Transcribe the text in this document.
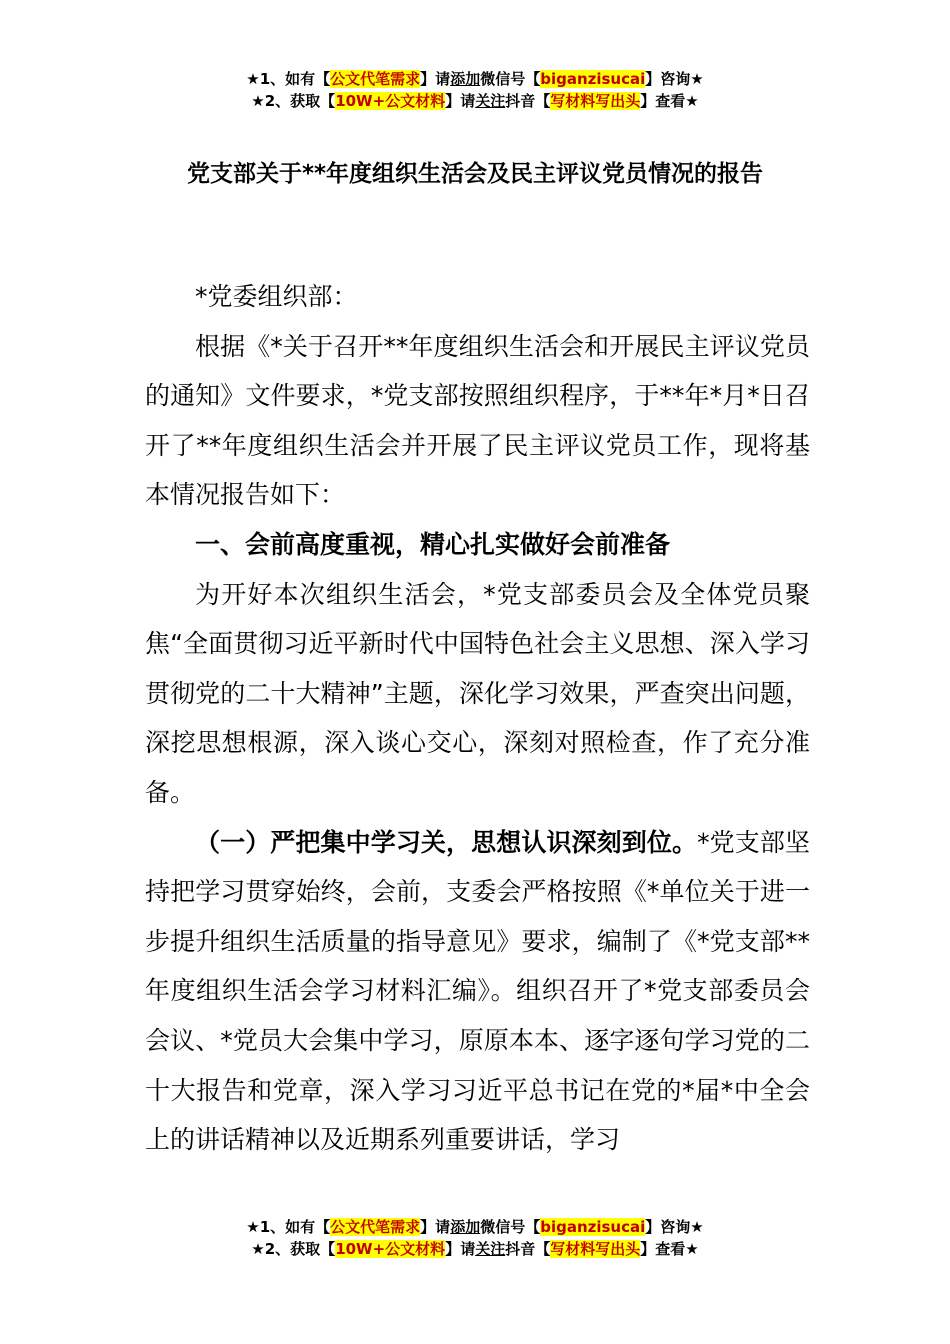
★1、如有【公文代笔需求】请添加微信号【biganzisucai】咨询★
★2、获取【10W+公文材料】请关注抖音【写材料写出头】查看★
党支部关于**年度组织生活会及民主评议党员情况的报告

*党委组织部：

根据《*关于召开**年度组织生活会和开展民主评议党员的通知》文件要求，*党支部按照组织程序，于**年*月*日召开了**年度组织生活会并开展了民主评议党员工作，现将基本情况报告如下：

一、会前高度重视，精心扎实做好会前准备

为开好本次组织生活会，*党支部委员会及全体党员聚焦“全面贯彻习近平新时代中国特色社会主义思想、深入学习贯彻党的二十大精神”主题，深化学习效果，严查突出问题，深挖思想根源，深入谈心交心，深刻对照检查，作了充分准备。

（一）严把集中学习关，思想认识深刻到位。*党支部坚持把学习贯穿始终，会前，支委会严格按照《*单位关于进一步提升组织生活质量的指导意见》要求，编制了《*党支部**年度组织生活会学习材料汇编》。组织召开了*党支部委员会会议、*党员大会集中学习，原原本本、逐字逐句学习党的二十大报告和党章，深入学习习近平总书记在党的*届*中全会上的讲话精神以及近期系列重要讲话，学习

★1、如有【公文代笔需求】请添加微信号【biganzisucai】咨询★
★2、获取【10W+公文材料】请关注抖音【写材料写出头】查看★
